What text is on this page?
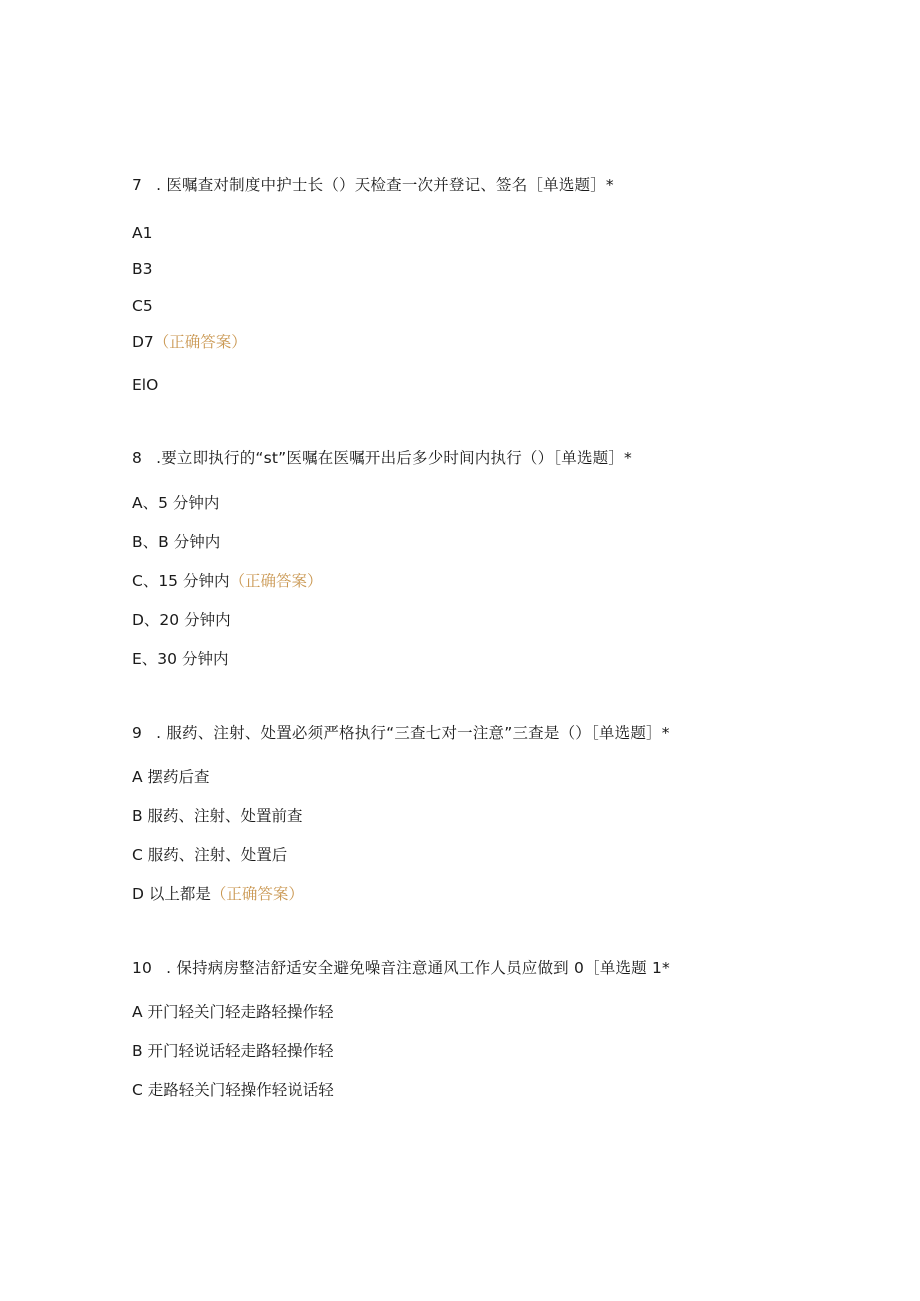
7 . 医嘱查对制度中护士长（）天检查一次并登记、签名［单选题］*
A1
B3
C5
D7（正确答案）
ElO
8 .要立即执行的“st”医嘱在医嘱开出后多少时间内执行（）［单选题］*
A、5 分钟内
B、B 分钟内
C、15 分钟内（正确答案）
D、20 分钟内
E、30 分钟内
9 . 服药、注射、处置必须严格执行“三查七对一注意”三查是（）［单选题］*
A 摆药后查
B 服药、注射、处置前查
C 服药、注射、处置后
D 以上都是（正确答案）
10 . 保持病房整洁舒适安全避免噪音注意通风工作人员应做到 0［单选题 1*
A 开门轻关门轻走路轻操作轻
B 开门轻说话轻走路轻操作轻
C 走路轻关门轻操作轻说话轻
